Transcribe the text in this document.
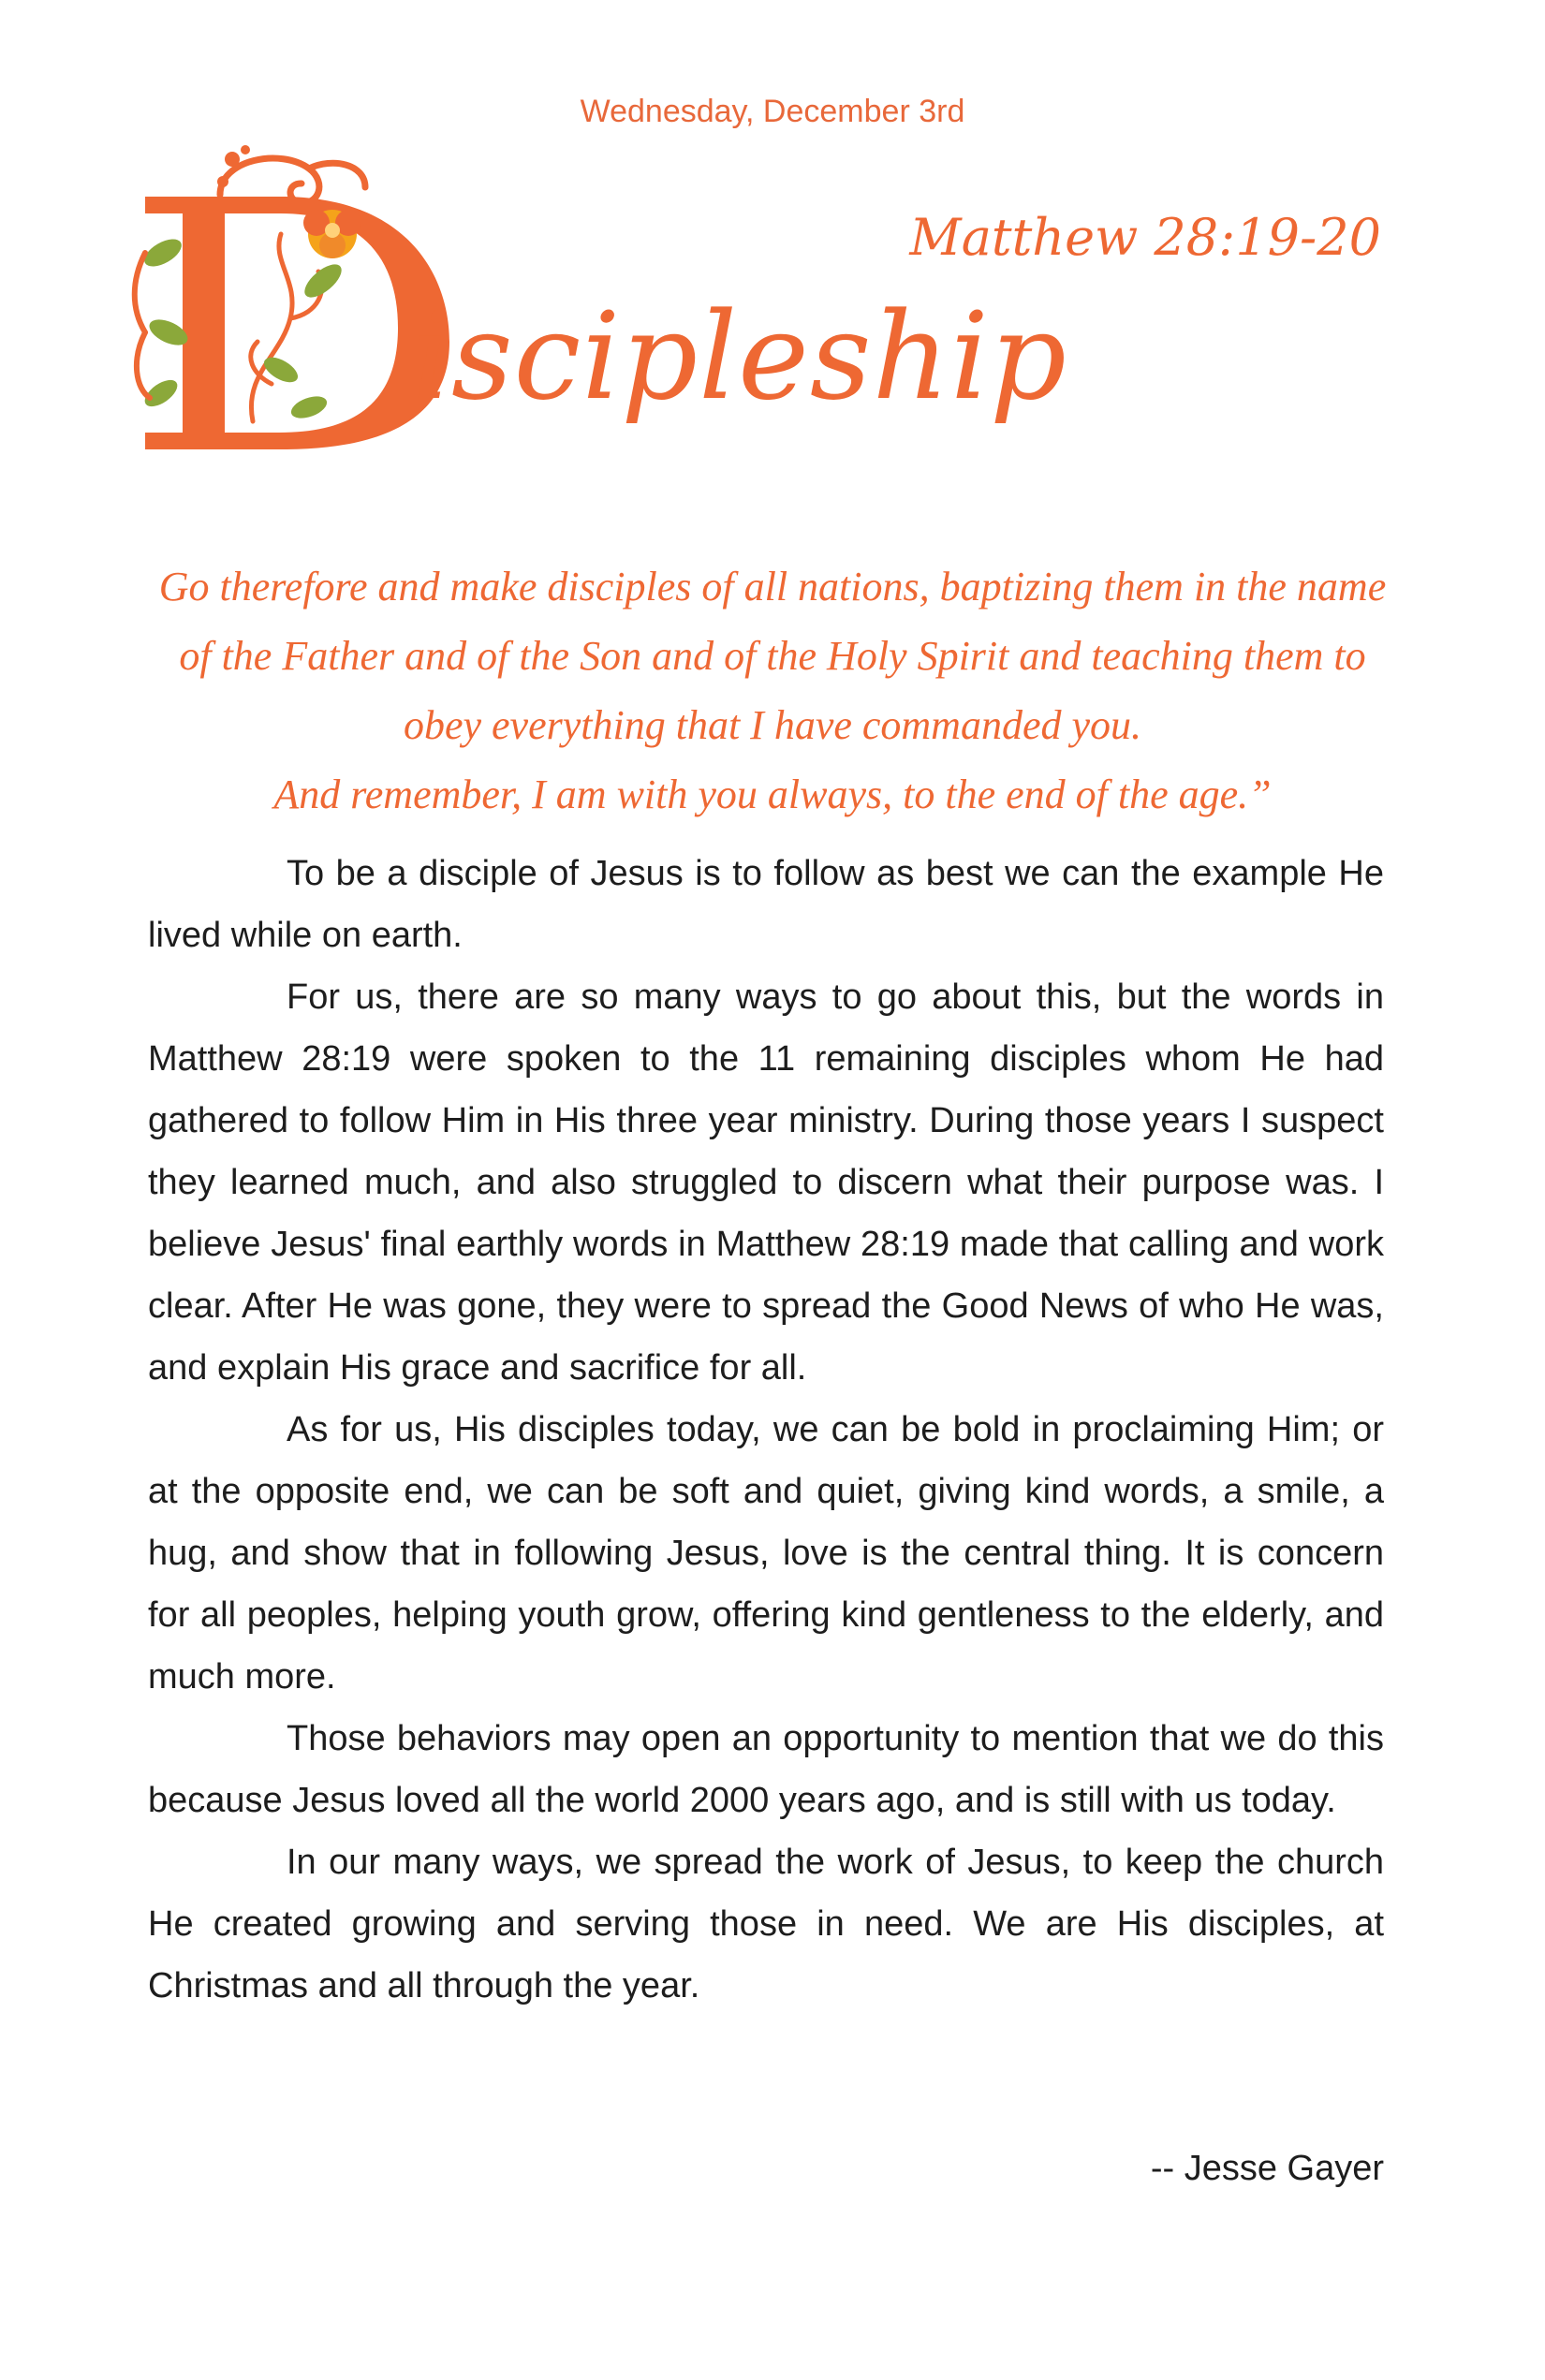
Wednesday, December 3rd
iscipleship
Matthew 28:19-20
Go therefore and make disciples of all nations, baptizing them in the name
of the Father and of the Son and of the Holy Spirit and teaching them to
obey everything that I have commanded you.
And remember, I am with you always, to the end of the age.”

To be a disciple of Jesus is to follow as best we can the example He lived while on earth.

For us, there are so many ways to go about this, but the words in Matthew 28:19 were spoken to the 11 remaining disciples whom He had gathered to follow Him in His three year ministry. During those years I suspect they learned much, and also struggled to discern what their purpose was. I believe Jesus' final earthly words in Matthew 28:19 made that calling and work clear. After He was gone, they were to spread the Good News of who He was, and explain His grace and sacrifice for all.

As for us, His disciples today, we can be bold in proclaiming Him; or at the opposite end, we can be soft and quiet, giving kind words, a smile, a hug, and show that in following Jesus, love is the central thing. It is concern for all peoples, helping youth grow, offering kind gentleness to the elderly, and much more.

Those behaviors may open an opportunity to mention that we do this because Jesus loved all the world 2000 years ago, and is still with us today.

In our many ways, we spread the work of Jesus, to keep the church He created growing and serving those in need. We are His disciples, at Christmas and all through the year.

-- Jesse Gayer
